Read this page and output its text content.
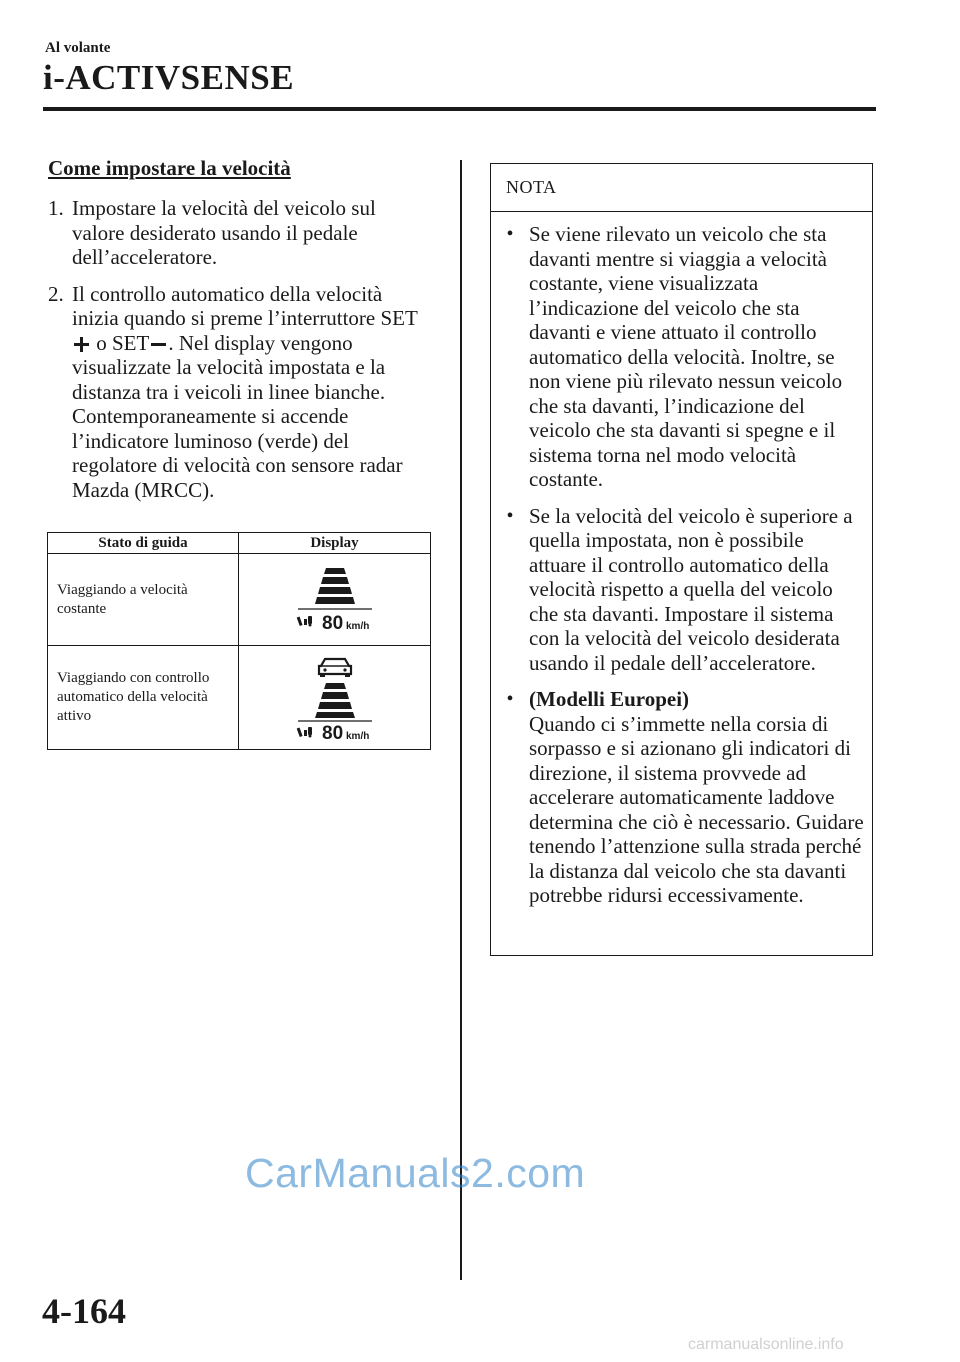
Al volante
i-ACTIVSENSE
Come impostare la velocità
1. Impostare la velocità del veicolo sul valore desiderato usando il pedale dell’acceleratore.
2. Il controllo automatico della velocità inizia quando si preme l’interruttore SET o SET . Nel display vengono visualizzate la velocità impostata e la distanza tra i veicoli in linee bianche. Contemporaneamente si accende l’indicatore luminoso (verde) del regolatore di velocità con sensore radar Mazda (MRCC).
Stato di guida	Display
Viaggiando a velocità costante	80 km/h

Viaggiando con controllo automatico della velocità attivo	80 km/h
NOTA
• Se viene rilevato un veicolo che sta davanti mentre si viaggia a velocità costante, viene visualizzata l’indicazione del veicolo che sta davanti e viene attuato il controllo automatico della velocità. Inoltre, se non viene più rilevato nessun veicolo che sta davanti, l’indicazione del veicolo che sta davanti si spegne e il sistema torna nel modo velocità costante.
• Se la velocità del veicolo è superiore a quella impostata, non è possibile attuare il controllo automatico della velocità rispetto a quella del veicolo che sta davanti. Impostare il sistema con la velocità del veicolo desiderata usando il pedale dell’acceleratore.
• (Modelli Europei)
Quando ci s’immette nella corsia di sorpasso e si azionano gli indicatori di direzione, il sistema provvede ad accelerare automaticamente laddove determina che ciò è necessario. Guidare tenendo l’attenzione sulla strada perché la distanza dal veicolo che sta davanti potrebbe ridursi eccessivamente.
CarManuals2.com
4-164
carmanualsonline.info
